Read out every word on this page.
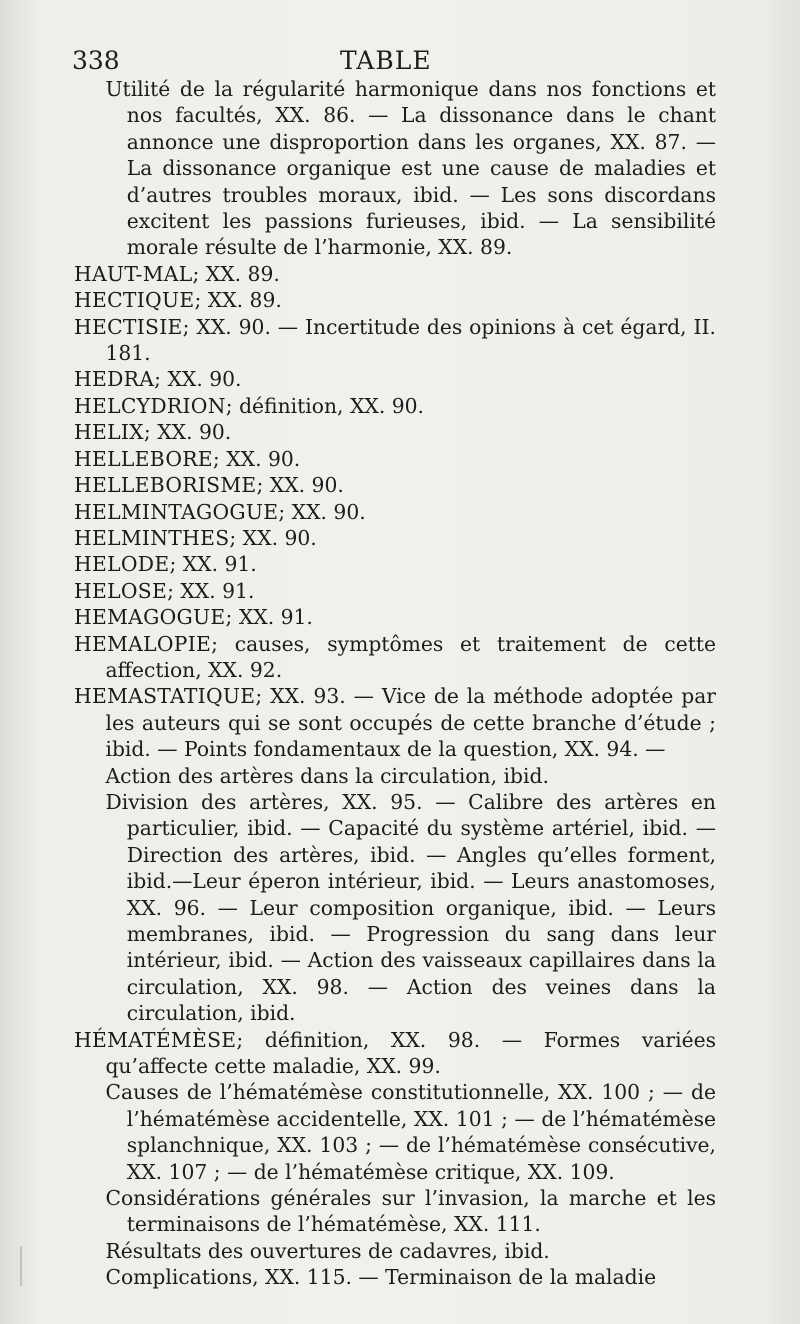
338	TABLE

Utilité de la régularité harmonique dans nos fonctions et nos facultés, XX. 86. — La dissonance dans le chant annonce une disproportion dans les organes, XX. 87. — La dissonance organique est une cause de maladies et d’autres troubles moraux, ibid. — Les sons discordans excitent les passions furieuses, ibid. — La sensibilité morale résulte de l’harmonie, XX. 89.

HAUT-MAL; XX. 89.

HECTIQUE; XX. 89.

HECTISIE; XX. 90. — Incertitude des opinions à cet égard, II. 181.

HEDRA; XX. 90.

HELCYDRION; définition, XX. 90.

HELIX; XX. 90.

HELLEBORE; XX. 90.

HELLEBORISME; XX. 90.

HELMINTAGOGUE; XX. 90.

HELMINTHES; XX. 90.

HELODE; XX. 91.

HELOSE; XX. 91.

HEMAGOGUE; XX. 91.

HEMALOPIE; causes, symptômes et traitement de cette affection, XX. 92.

HEMASTATIQUE; XX. 93. — Vice de la méthode adoptée par les auteurs qui se sont occupés de cette branche d’étude ; ibid. — Points fondamentaux de la question, XX. 94. —

Action des artères dans la circulation, ibid.

Division des artères, XX. 95. — Calibre des artères en particulier, ibid. — Capacité du système artériel, ibid. — Direction des artères, ibid. — Angles qu’elles forment, ibid.—Leur éperon intérieur, ibid. — Leurs anastomoses, XX. 96. — Leur composition organique, ibid. — Leurs membranes, ibid. — Progression du sang dans leur intérieur, ibid. — Action des vaisseaux capillaires dans la circulation, XX. 98. — Action des veines dans la circulation, ibid.

HÉMATÉMÈSE; définition, XX. 98. — Formes variées qu’affecte cette maladie, XX. 99.

Causes de l’hématémèse constitutionnelle, XX. 100 ; — de l’hématémèse accidentelle, XX. 101 ; — de l’hématémèse splanchnique, XX. 103 ; — de l’hématémèse consécutive, XX. 107 ; — de l’hématémèse critique, XX. 109.

Considérations générales sur l’invasion, la marche et les terminaisons de l’hématémèse, XX. 111.

Résultats des ouvertures de cadavres, ibid.

Complications, XX. 115. — Terminaison de la maladie
